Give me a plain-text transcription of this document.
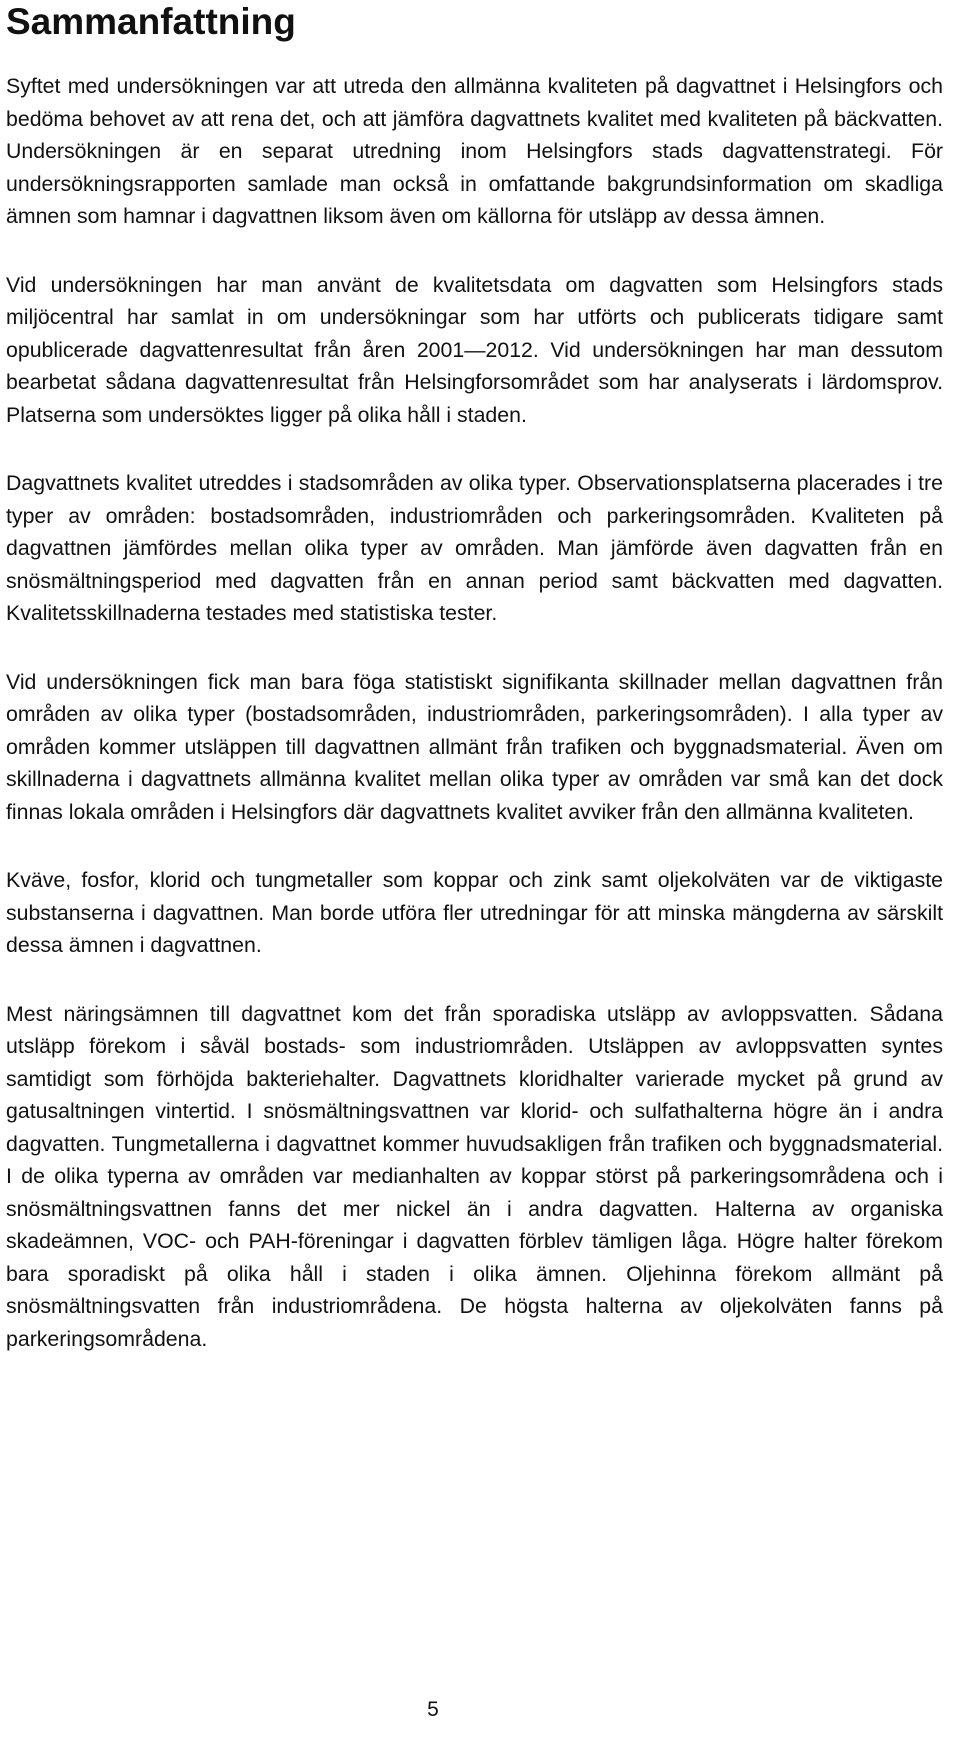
Sammanfattning

Syftet med undersökningen var att utreda den allmänna kvaliteten på dagvattnet i Helsingfors och bedöma behovet av att rena det, och att jämföra dagvattnets kvalitet med kvaliteten på bäckvatten. Undersökningen är en separat utredning inom Helsingfors stads dagvattenstrategi. För undersökningsrapporten samlade man också in omfattande bakgrundsinformation om skadliga ämnen som hamnar i dagvattnen liksom även om källorna för utsläpp av dessa ämnen.

Vid undersökningen har man använt de kvalitetsdata om dagvatten som Helsingfors stads miljöcentral har samlat in om undersökningar som har utförts och publicerats tidigare samt opublicerade dagvattenresultat från åren 2001—2012. Vid undersökningen har man dessutom bearbetat sådana dagvattenresultat från Helsingforsområdet som har analyserats i lärdomsprov. Platserna som undersöktes ligger på olika håll i staden.

Dagvattnets kvalitet utreddes i stadsområden av olika typer. Observationsplatserna placerades i tre typer av områden: bostadsområden, industriområden och parkeringsområden. Kvaliteten på dagvattnen jämfördes mellan olika typer av områden. Man jämförde även dagvatten från en snösmältningsperiod med dagvatten från en annan period samt bäckvatten med dagvatten. Kvalitetsskillnaderna testades med statistiska tester.

Vid undersökningen fick man bara föga statistiskt signifikanta skillnader mellan dagvattnen från områden av olika typer (bostadsområden, industriområden, parkeringsområden). I alla typer av områden kommer utsläppen till dagvattnen allmänt från trafiken och byggnadsmaterial. Även om skillnaderna i dagvattnets allmänna kvalitet mellan olika typer av områden var små kan det dock finnas lokala områden i Helsingfors där dagvattnets kvalitet avviker från den allmänna kvaliteten.

Kväve, fosfor, klorid och tungmetaller som koppar och zink samt oljekolväten var de viktigaste substanserna i dagvattnen. Man borde utföra fler utredningar för att minska mängderna av särskilt dessa ämnen i dagvattnen.

Mest näringsämnen till dagvattnet kom det från sporadiska utsläpp av avloppsvatten. Sådana utsläpp förekom i såväl bostads- som industriområden. Utsläppen av avloppsvatten syntes samtidigt som förhöjda bakteriehalter. Dagvattnets kloridhalter varierade mycket på grund av gatusaltningen vintertid. I snösmältningsvattnen var klorid- och sulfathalterna högre än i andra dagvatten. Tungmetallerna i dagvattnet kommer huvudsakligen från trafiken och byggnadsmaterial. I de olika typerna av områden var medianhalten av koppar störst på parkeringsområdena och i snösmältningsvattnen fanns det mer nickel än i andra dagvatten. Halterna av organiska skadeämnen, VOC- och PAH-föreningar i dagvatten förblev tämligen låga. Högre halter förekom bara sporadiskt på olika håll i staden i olika ämnen. Oljehinna förekom allmänt på snösmältningsvatten från industriområdena. De högsta halterna av oljekolväten fanns på parkeringsområdena.

5
